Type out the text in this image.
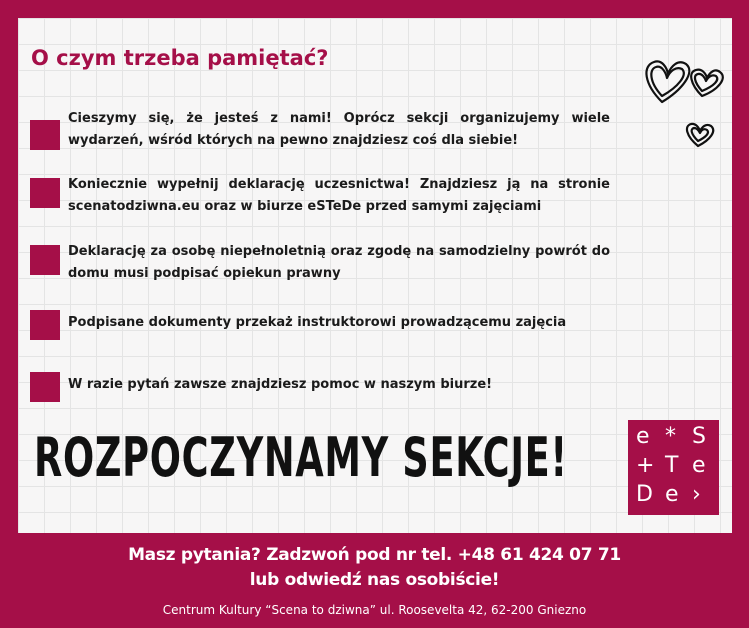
O czym trzeba pamiętać?

Cieszymy się, że jesteś z nami! Oprócz sekcji organizujemy wiele wydarzeń, wśród których na pewno znajdziesz coś dla siebie!

Koniecznie wypełnij deklarację uczesnictwa! Znajdziesz ją na stronie scenatodziwna.eu oraz w biurze eSTeDe przed samymi zajęciami

Deklarację za osobę niepełnoletnią oraz zgodę na samodzielny powrót do domu musi podpisać opiekun prawny

Podpisane dokumenty przekaż instruktorowi prowadzącemu zajęcia

W razie pytań zawsze znajdziesz pomoc w naszym biurze!

ROZPOCZYNAMY SEKCJE!	e * S
+ T e
D e ›

Masz pytania? Zadzwoń pod nr tel. +48 61 424 07 71

lub odwiedź nas osobiście!

Centrum Kultury “Scena to dziwna” ul. Roosevelta 42, 62-200 Gniezno
